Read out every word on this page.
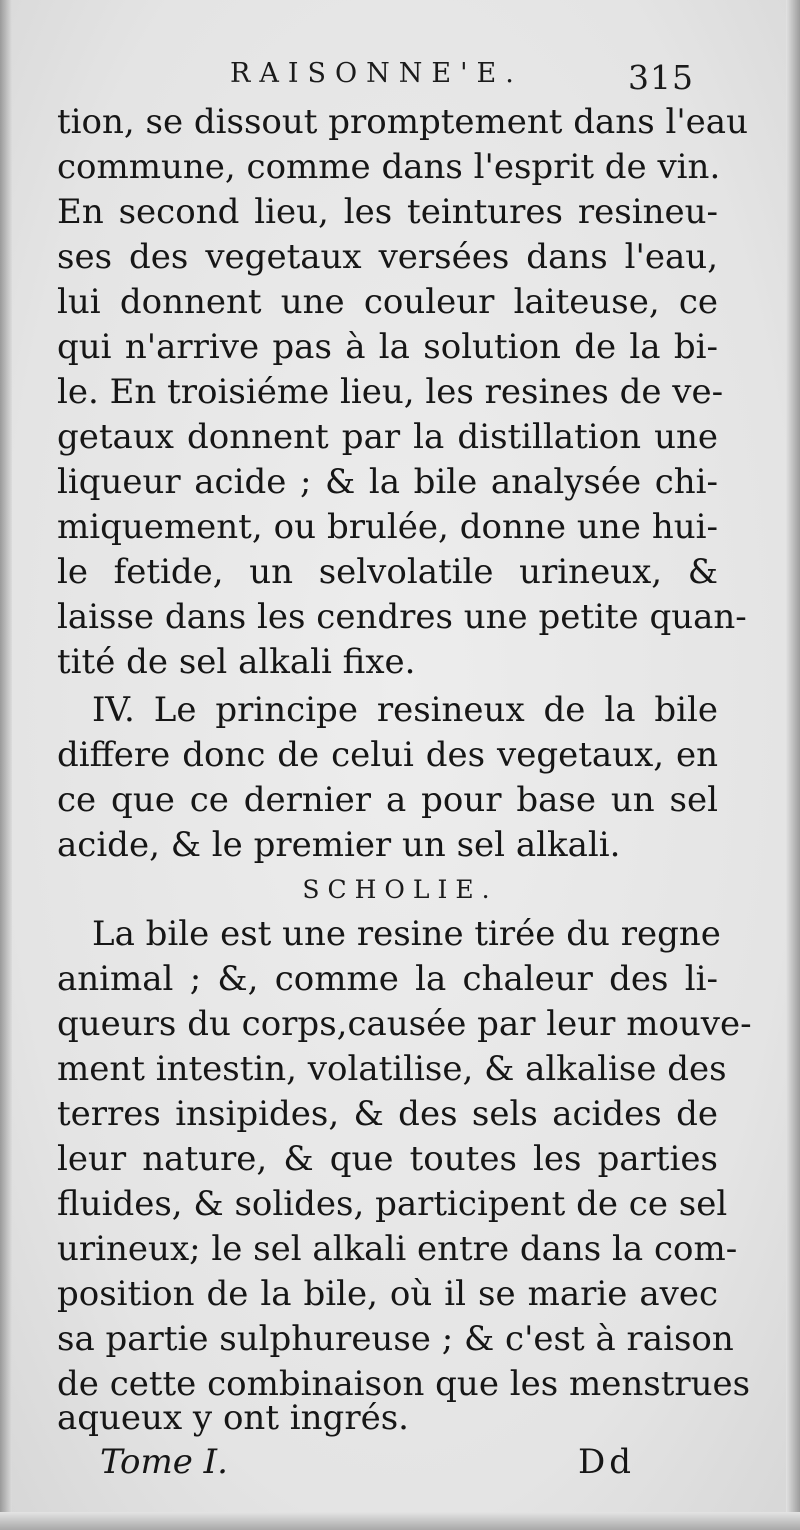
RAISONNE'E.	315
tion, se dissout promptement dans l'eau
commune, comme dans l'esprit de vin.
En second lieu, les teintures resineu-
ses des vegetaux versées dans l'eau,
lui donnent une couleur laiteuse, ce
qui n'arrive pas à la solution de la bi-
le. En troisiéme lieu, les resines de ve-
getaux donnent par la distillation une
liqueur acide ; & la bile analysée chi-
miquement, ou brulée, donne une hui-
le fetide, un selvolatile urineux, &
laisse dans les cendres une petite quan-
tité de sel alkali fixe.
IV. Le principe resineux de la bile
differe donc de celui des vegetaux, en
ce que ce dernier a pour base un sel
acide, & le premier un sel alkali.
SCHOLIE.
La bile est une resine tirée du regne
animal ; &, comme la chaleur des li-
queurs du corps,causée par leur mouve-
ment intestin, volatilise, & alkalise des
terres insipides, & des sels acides de
leur nature, & que toutes les parties
fluides, & solides, participent de ce sel
urineux; le sel alkali entre dans la com-
position de la bile, où il se marie avec
sa partie sulphureuse ; & c'est à raison
de cette combinaison que les menstrues
aqueux y ont ingrés.
Tome I.	Dd
